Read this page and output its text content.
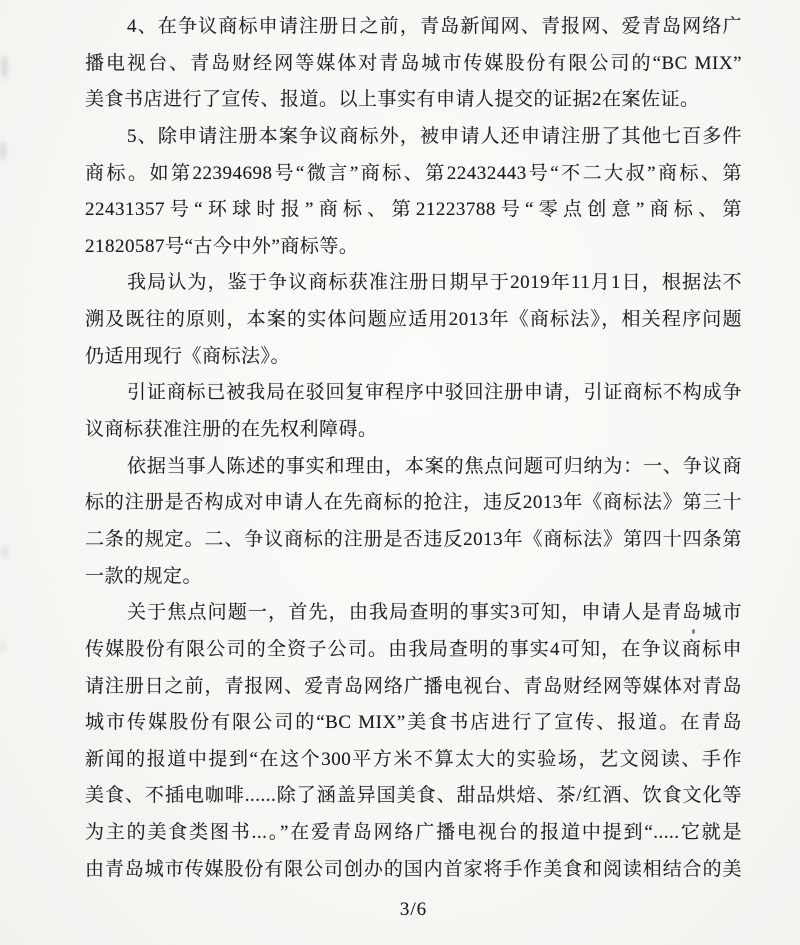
4、在争议商标申请注册日之前，青岛新闻网、青报网、爱青岛网络广
播电视台、青岛财经网等媒体对青岛城市传媒股份有限公司的“BC MIX”
美食书店进行了宣传、报道。以上事实有申请人提交的证据2在案佐证。
5、除申请注册本案争议商标外，被申请人还申请注册了其他七百多件
商标。如第22394698号“微言”商标、第22432443号“不二大叔”商标、第
22431357号“环球时报”商标、第21223788号“零点创意”商标、第
21820587号“古今中外”商标等。
我局认为，鉴于争议商标获准注册日期早于2019年11月1日，根据法不
溯及既往的原则，本案的实体问题应适用2013年《商标法》，相关程序问题
仍适用现行《商标法》。
引证商标已被我局在驳回复审程序中驳回注册申请，引证商标不构成争
议商标获准注册的在先权利障碍。
依据当事人陈述的事实和理由，本案的焦点问题可归纳为：一、争议商
标的注册是否构成对申请人在先商标的抢注，违反2013年《商标法》第三十
二条的规定。二、争议商标的注册是否违反2013年《商标法》第四十四条第
一款的规定。
关于焦点问题一，首先，由我局查明的事实3可知，申请人是青岛城市
传媒股份有限公司的全资子公司。由我局查明的事实4可知，在争议商标申
请注册日之前，青报网、爱青岛网络广播电视台、青岛财经网等媒体对青岛
城市传媒股份有限公司的“BC MIX”美食书店进行了宣传、报道。在青岛
新闻的报道中提到“在这个300平方米不算太大的实验场，艺文阅读、手作
美食、不插电咖啡......除了涵盖异国美食、甜品烘焙、茶/红酒、饮食文化等
为主的美食类图书...。”在爱青岛网络广播电视台的报道中提到“.....它就是
由青岛城市传媒股份有限公司创办的国内首家将手作美食和阅读相结合的美
3/6
